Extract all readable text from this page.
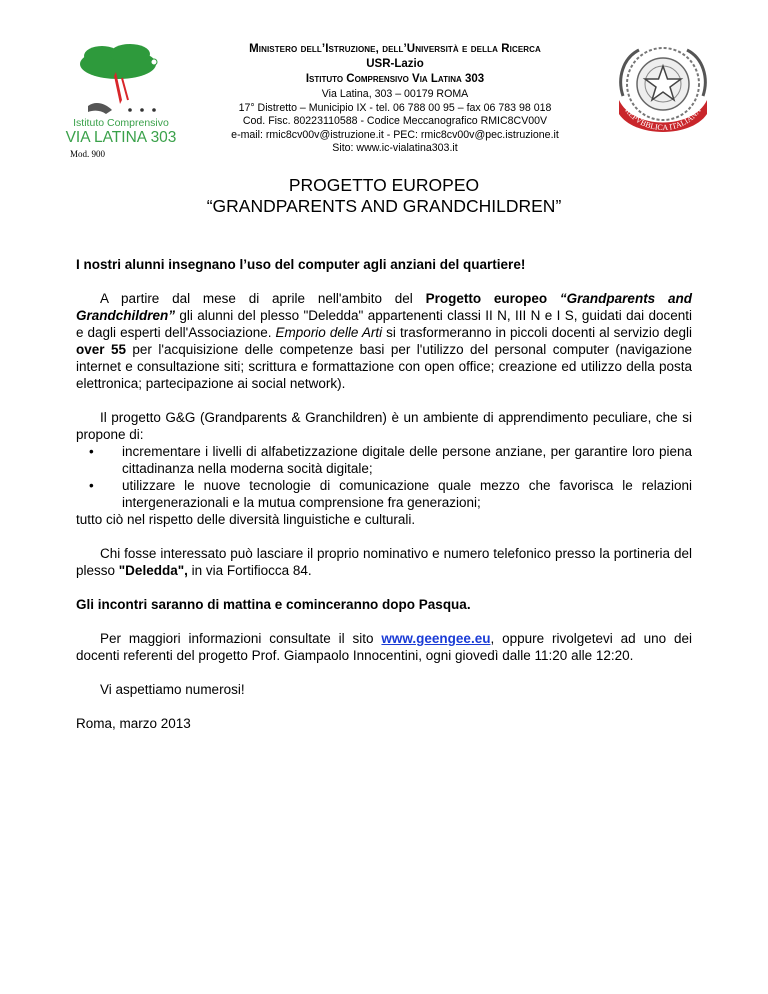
Istituto Comprensivo
VIA LATINA 303
Mod. 900
Ministero dell’Istruzione, dell’Università e della Ricerca
USR-Lazio
Istituto Comprensivo Via Latina 303
Via Latina, 303 – 00179 ROMA
17° Distretto – Municipio IX - tel. 06 788 00 95 – fax 06 783 98 018
Cod. Fisc. 80223110588 - Codice Meccanografico RMIC8CV00V
e-mail: rmic8cv00v@istruzione.it - PEC: rmic8cv00v@pec.istruzione.it
Sito: www.ic-vialatina303.it
REPVBBLICA ITALIANA
PROGETTO EUROPEO
“GRANDPARENTS AND GRANDCHILDREN”

I nostri alunni insegnano l’uso del computer agli anziani del quartiere!

A partire dal mese di aprile nell'ambito del Progetto europeo “Grandparents and Grandchildren” gli alunni del plesso "Deledda" appartenenti classi II N, III N e I S, guidati dai docenti e dagli esperti dell'Associazione. Emporio delle Arti si trasformeranno in piccoli docenti al servizio degli over 55 per l'acquisizione delle competenze basi per l'utilizzo del personal computer (navigazione internet e consultazione siti; scrittura e formattazione con open office; creazione ed utilizzo della posta elettronica; partecipazione ai social network).

Il progetto G&G (Grandparents & Granchildren) è un ambiente di apprendimento peculiare, che si propone di:

• incrementare i livelli di alfabetizzazione digitale delle persone anziane, per garantire loro piena cittadinanza nella moderna socità digitale;
• utilizzare le nuove tecnologie di comunicazione quale mezzo che favorisca le relazioni intergenerazionali e la mutua comprensione fra generazioni;

tutto ciò nel rispetto delle diversità linguistiche e culturali.

Chi fosse interessato può lasciare il proprio nominativo e numero telefonico presso la portineria del plesso "Deledda", in via Fortifiocca 84.

Gli incontri saranno di mattina e cominceranno dopo Pasqua.

Per maggiori informazioni consultate il sito www.geengee.eu, oppure rivolgetevi ad uno dei docenti referenti del progetto Prof. Giampaolo Innocentini, ogni giovedì dalle 11:20 alle 12:20.

Vi aspettiamo numerosi!

Roma, marzo 2013
